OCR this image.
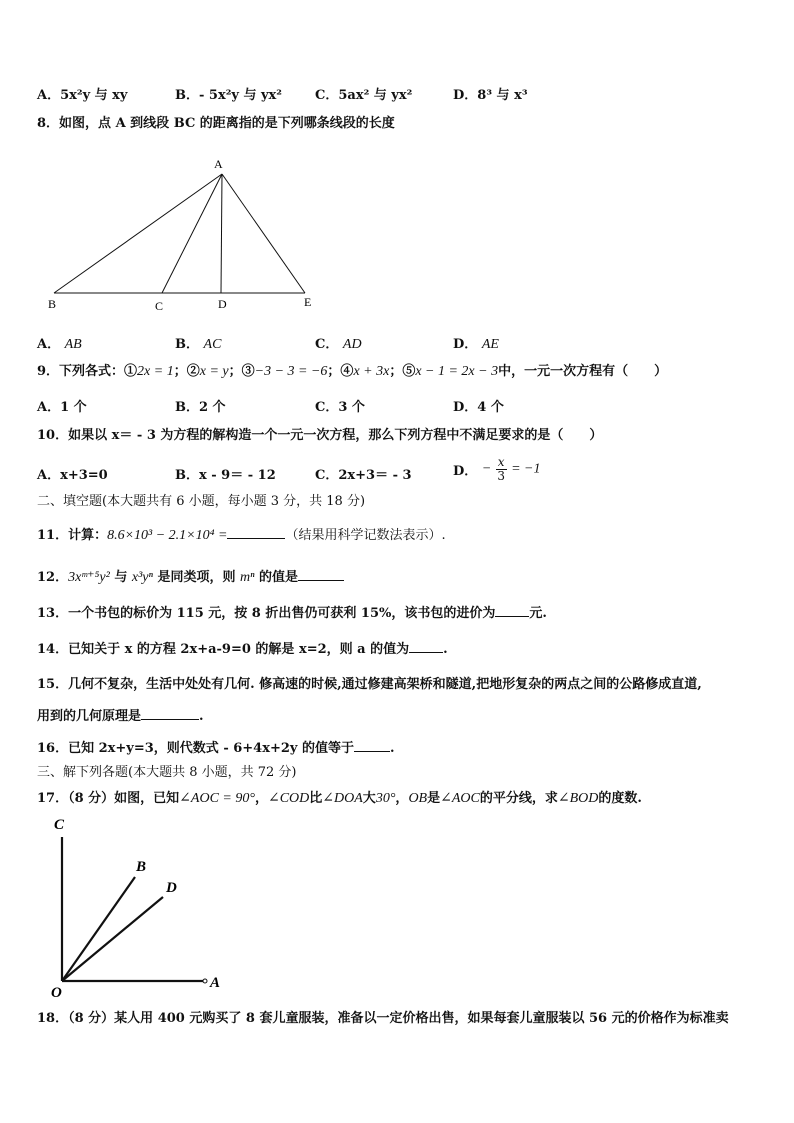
A．5x²y 与 xy	B．- 5x²y 与 yx²	C．5ax² 与 yx²	D．8³ 与 x³
8．如图，点 A 到线段 BC 的距离指的是下列哪条线段的长度
A
B	C	D	E
A． AB	B． AC	C． AD	D． AE
9．下列各式：①2x = 1；②x = y；③−3 − 3 = −6；④x + 3x；⑤x − 1 = 2x − 3中，一元一次方程有（　　）
A．1 个	B．2 个	C．3 个	D．4 个
10．如果以 x＝ - 3 为方程的解构造一个一元一次方程，那么下列方程中不满足要求的是（　　）
A．x+3=0	B．x - 9＝ - 12	C．2x+3＝ - 3	D． − $\frac{x}{3} = -1$
二、填空题(本大题共有 6 小题，每小题 3 分，共 18 分)
11．计算：8.6×10³ − 2.1×10⁴ =	（结果用科学记数法表示）.
12．3xᵐ⁺⁵y² 与 x³yⁿ 是同类项，则 mⁿ 的值是
13．一个书包的标价为 115 元，按 8 折出售仍可获利 15%，该书包的进价为	元.
14．已知关于 x 的方程 2x+a-9=0 的解是 x=2，则 a 的值为	.
15．几何不复杂，生活中处处有几何. 修高速的时候,通过修建高架桥和隧道,把地形复杂的两点之间的公路修成直道,
用到的几何原理是	.
16．已知 2x+y=3，则代数式 - 6+4x+2y 的值等于	.
三、解下列各题(本大题共 8 小题，共 72 分)
17．（8 分）如图，已知∠AOC = 90°，∠COD比∠DOA大30°，OB是∠AOC的平分线，求∠BOD的度数.
C
B
D
O
A
18．（8 分）某人用 400 元购买了 8 套儿童服装，准备以一定价格出售，如果每套儿童服装以 56 元的价格作为标准卖
